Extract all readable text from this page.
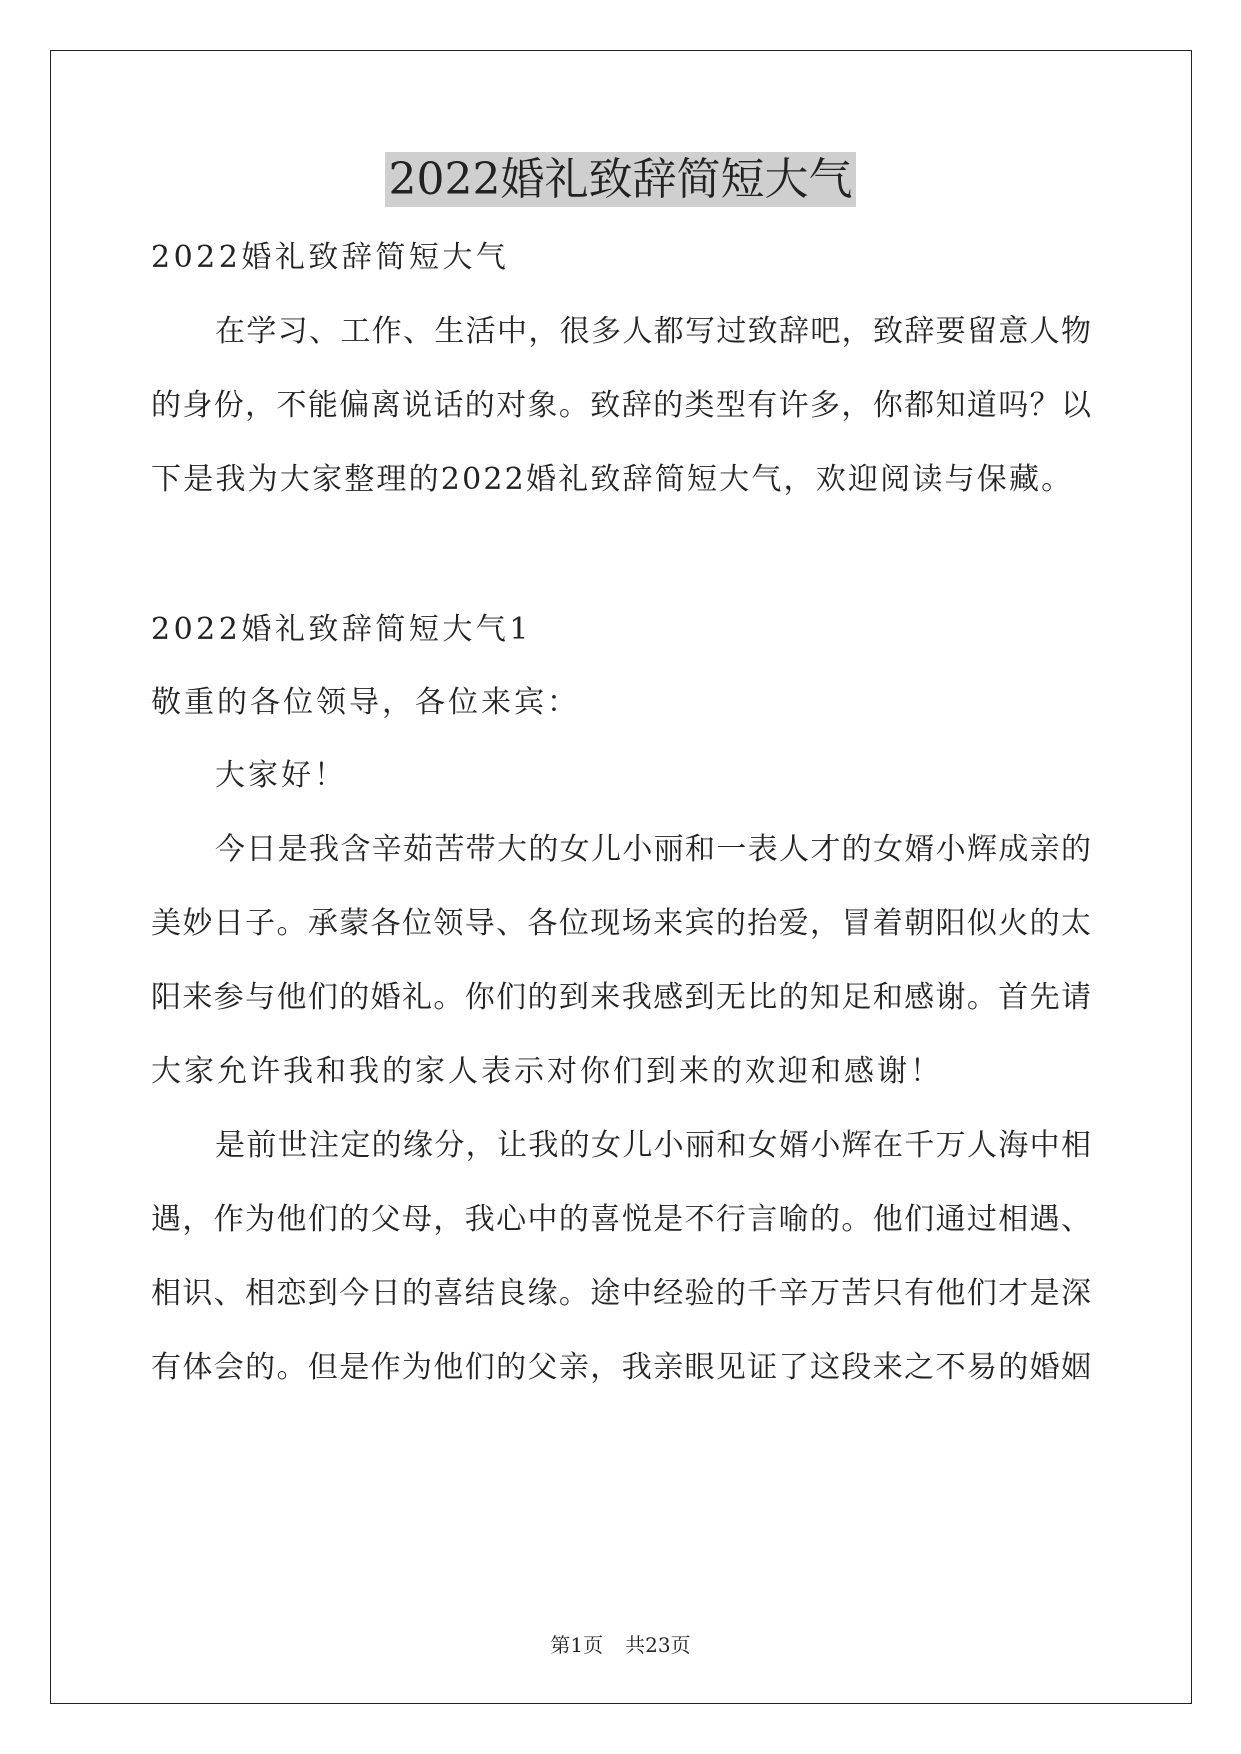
2022婚礼致辞简短大气
2022婚礼致辞简短大气
在学习、工作、生活中，很多人都写过致辞吧，致辞要留意人物
的身份，不能偏离说话的对象。致辞的类型有许多，你都知道吗？以
下是我为大家整理的2022婚礼致辞简短大气，欢迎阅读与保藏。
2022婚礼致辞简短大气1
敬重的各位领导，各位来宾：
大家好！
今日是我含辛茹苦带大的女儿小丽和一表人才的女婿小辉成亲的
美妙日子。承蒙各位领导、各位现场来宾的抬爱，冒着朝阳似火的太
阳来参与他们的婚礼。你们的到来我感到无比的知足和感谢。首先请
大家允许我和我的家人表示对你们到来的欢迎和感谢！
是前世注定的缘分，让我的女儿小丽和女婿小辉在千万人海中相
遇，作为他们的父母，我心中的喜悦是不行言喻的。他们通过相遇、
相识、相恋到今日的喜结良缘。途中经验的千辛万苦只有他们才是深
有体会的。但是作为他们的父亲，我亲眼见证了这段来之不易的婚姻
第1页 共23页
